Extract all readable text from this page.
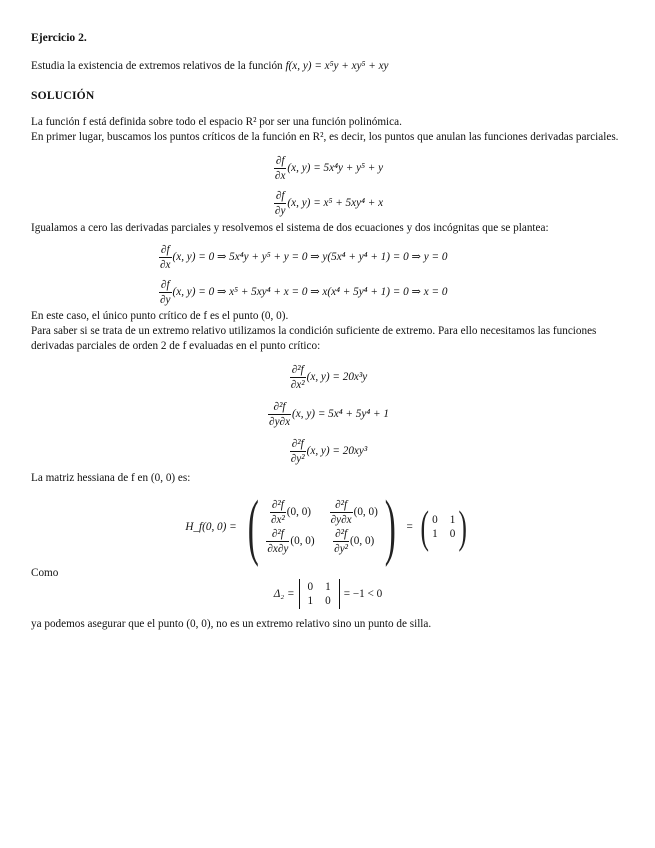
Ejercicio 2.

Estudia la existencia de extremos relativos de la función f(x, y) = x⁵y + xy⁵ + xy

SOLUCIÓN

La función f está definida sobre todo el espacio R² por ser una función polinómica.

En primer lugar, buscamos los puntos críticos de la función en R², es decir, los puntos que anulan las funciones derivadas parciales.

$\frac{\partial f}{\partial x} (x$, y) = 5x⁴y + y⁵ + y
$\frac{\partial f}{\partial y} (x$, y) = x⁵ + 5xy⁴ + x

Igualamos a cero las derivadas parciales y resolvemos el sistema de dos ecuaciones y dos incógnitas que se plantea:

$\frac{\partial f}{\partial x} (x$, y) = 0 ⇒ 5x⁴y + y⁵ + y = 0 ⇒ y(5x⁴ + y⁴ + 1) = 0 ⇒ y = 0
$\frac{\partial f}{\partial y} (x$, y) = 0 ⇒ x⁵ + 5xy⁴ + x = 0 ⇒ x(x⁴ + 5y⁴ + 1) = 0 ⇒ x = 0

En este caso, el único punto crítico de f es el punto (0, 0).

Para saber si se trata de un extremo relativo utilizamos la condición suficiente de extremo. Para ello necesitamos las funciones derivadas parciales de orden 2 de f evaluadas en el punto crítico:

$\frac{\text{∂²f}}{\text{∂x²}} (x$, y) = 20x³y
$\frac{\text{∂²f}}{\partial y\partial x} (x$, y) = 5x⁴ + 5y⁴ + 1
$\frac{\text{∂²f}}{\text{∂y²}} (x$, y) = 20xy³

La matriz hessiana de f en (0, 0) es:

H_f(0, 0) = ( $\frac{\text{∂²f}}{\text{∂x²}} (0$, 0)	$\frac{\text{∂²f}}{\partial y\partial x} (0$, 0)
$\frac{\text{∂²f}}{\partial x\partial y} (0$, $0) \frac{\text{∂²f}}{\text{∂y²}} (0$, 0) ) = ( 0 1
1 0 )

Como

Δ₂ =
0 1
1 0
= −1 < 0

ya podemos asegurar que el punto (0, 0), no es un extremo relativo sino un punto de silla.
